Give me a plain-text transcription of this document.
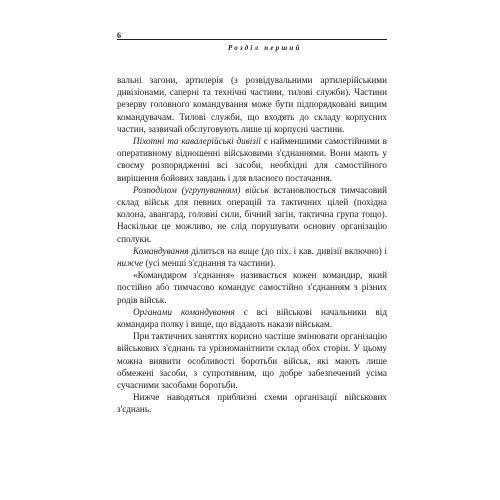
6
Розділ перший

вальні загони, артилерія (з розвідувальними артилерійськими дивізіонами, саперні та технічні частини, тилові служби). Частини резерву головного командування може бути підпорядковані вищим командувачам. Тилові служби, що входять до складу корпусних частин, зазвичай обслуговують лише ці корпусні частини.

Піхотні та кавалерійські дивізії є найменшими самостійними в оперативному відношенні військовими з'єднаннями. Вони мають у своєму розпорядженні всі засоби, необхідні для самостійного вирішення бойових завдань і для власного постачання.

Розподілом (угрупуванням) військ встановлюється тимчасовий склад військ для певних операцій та тактичних цілей (похідна колона, авангард, головні сили, бічний загін, тактична група тощо). Наскільки це можливо, не слід порушувати основну організацію сполуки.

Командування ділиться на вище (до піх. і кав. дивізії включно) і нижче (усі менші з'єднання та частини).

«Командиром з'єднання» називається кожен командир, який постійно або тимчасово командує самостійно з'єднанням з різних родів військ.

Органами командування є всі військові начальники від командира полку і вище, що віддають накази військам.

При тактичних заняттях корисно частіше змінювати організацію військових з'єднань та урізноманітнити склад обох сторін. У цьому можна виявити особливості боротьби військ, які мають лише обмежені засоби, з супротивним, що добре забезпечений усіма сучасними засобами боротьби.

Нижче наводяться приблизні схеми організації військових з'єднань.
